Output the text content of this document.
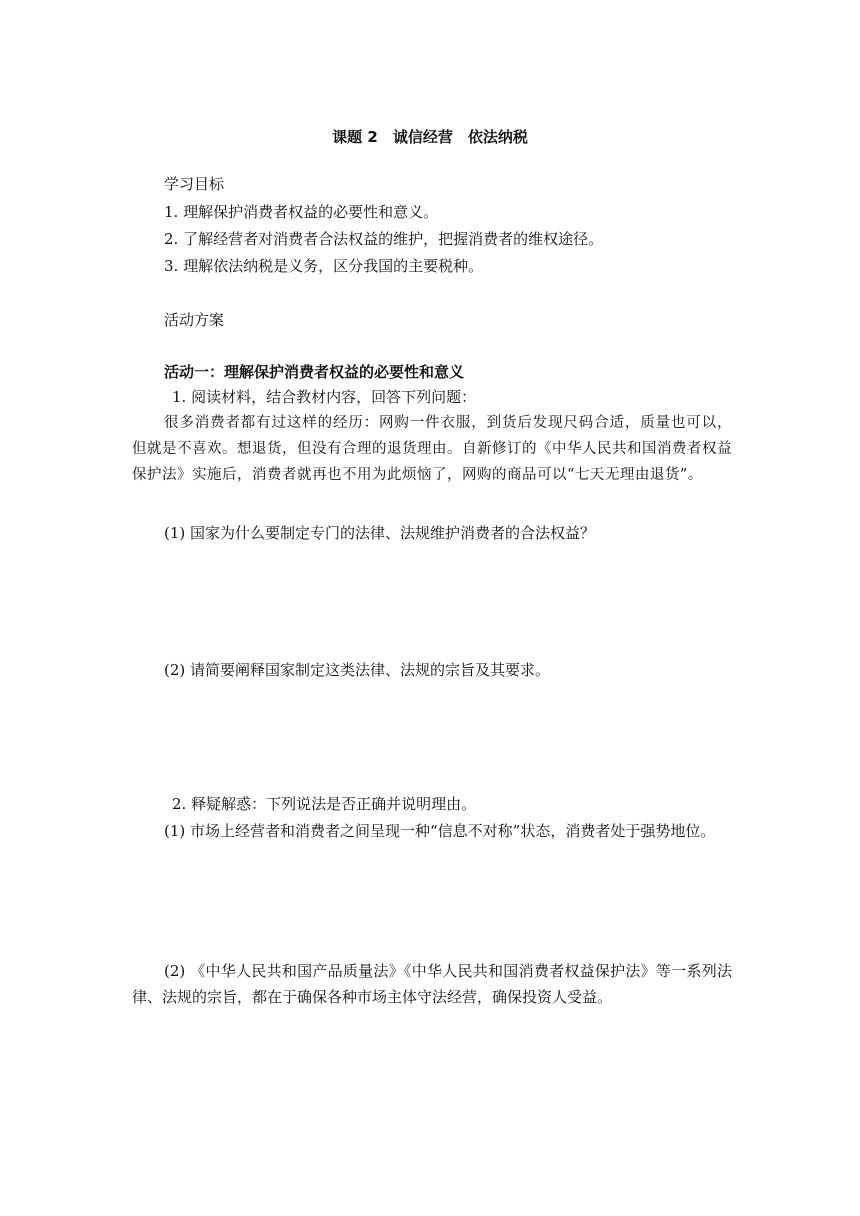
课题 2　诚信经营　依法纳税
学习目标
1. 理解保护消费者权益的必要性和意义。
2. 了解经营者对消费者合法权益的维护，把握消费者的维权途径。
3. 理解依法纳税是义务，区分我国的主要税种。
活动方案
活动一：理解保护消费者权益的必要性和意义
1. 阅读材料，结合教材内容，回答下列问题：
很多消费者都有过这样的经历：网购一件衣服，到货后发现尺码合适，质量也可以，但就是不喜欢。想退货，但没有合理的退货理由。自新修订的《中华人民共和国消费者权益保护法》实施后，消费者就再也不用为此烦恼了，网购的商品可以“七天无理由退货”。
(1) 国家为什么要制定专门的法律、法规维护消费者的合法权益？
(2) 请简要阐释国家制定这类法律、法规的宗旨及其要求。
2. 释疑解惑：下列说法是否正确并说明理由。
(1) 市场上经营者和消费者之间呈现一种“信息不对称”状态，消费者处于强势地位。
(2) 《中华人民共和国产品质量法》《中华人民共和国消费者权益保护法》等一系列法律、法规的宗旨，都在于确保各种市场主体守法经营，确保投资人受益。
